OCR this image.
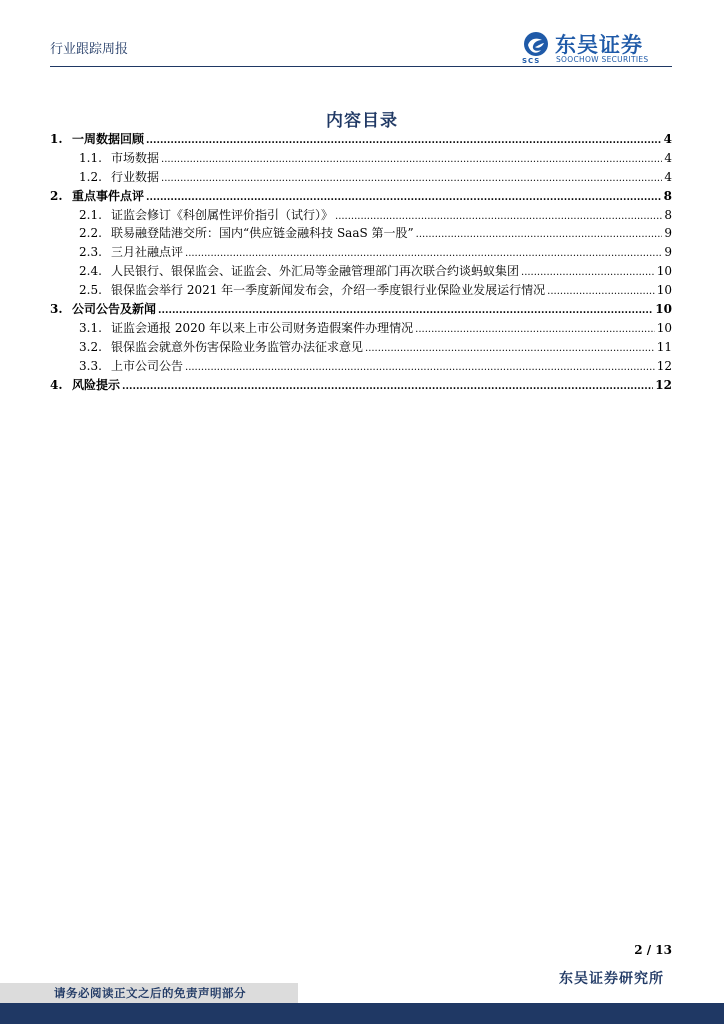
行业跟踪周报
SCS
东吴证券
SOOCHOW SECURITIES
内容目录
1. 一周数据回顾 .....	4
1.1. 市场数据 .....	4
1.2. 行业数据 .....	4
2. 重点事件点评 .....	8
2.1. 证监会修订《科创属性评价指引（试行）》 .....	8
2.2. 联易融登陆港交所：国内“供应链金融科技 SaaS 第一股” .....	9
2.3. 三月社融点评 .....	9
2.4. 人民银行、银保监会、证监会、外汇局等金融管理部门再次联合约谈蚂蚁集团 .....	10
2.5. 银保监会举行 2021 年一季度新闻发布会，介绍一季度银行业保险业发展运行情况 .....	10
3. 公司公告及新闻 .....	10
3.1. 证监会通报 2020 年以来上市公司财务造假案件办理情况 .....	10
3.2. 银保监会就意外伤害保险业务监管办法征求意见 .....	11
3.3. 上市公司公告 .....	12
4. 风险提示 .....	12
2 / 13
东吴证券研究所
请务必阅读正文之后的免责声明部分
